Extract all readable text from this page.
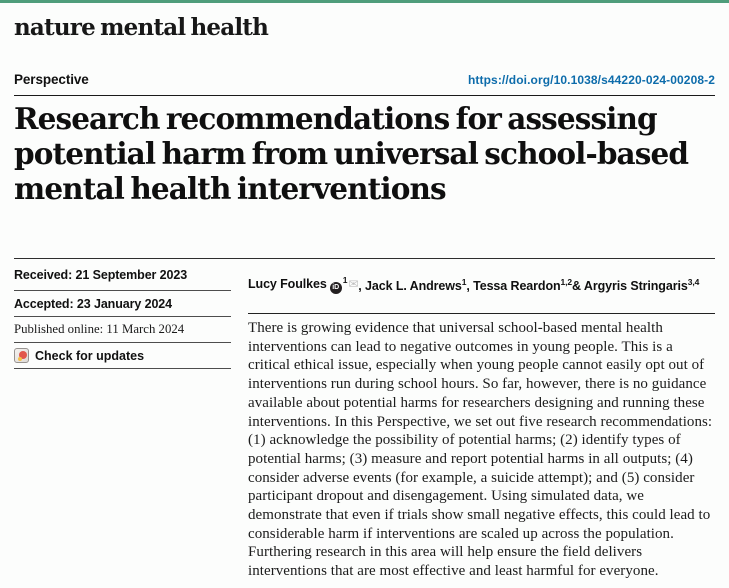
nature mental health
Perspective	https://doi.org/10.1038/s44220-024-00208-2
Research recommendations for assessing
potential harm from universal school-based
mental health interventions
Received: 21 September 2023
Accepted: 23 January 2024
Published online: 11 March 2024
Check for updates
Lucy Foulkes $iD^1✉$ , Jack L. Andrews$^1$ , Tessa Reardon$^{1,2}$ & Argyris Stringaris$^{3,4}$

There is growing evidence that universal school-based mental health interventions can lead to negative outcomes in young people. This is a critical ethical issue, especially when young people cannot easily opt out of interventions run during school hours. So far, however, there is no guidance available about potential harms for researchers designing and running these interventions. In this Perspective, we set out five research recommendations: (1) acknowledge the possibility of potential harms; (2) identify types of potential harms; (3) measure and report potential harms in all outputs; (4) consider adverse events (for example, a suicide attempt); and (5) consider participant dropout and disengagement. Using simulated data, we demonstrate that even if trials show small negative effects, this could lead to considerable harm if interventions are scaled up across the population. Furthering research in this area will help ensure the field delivers interventions that are most effective and least harmful for everyone.
